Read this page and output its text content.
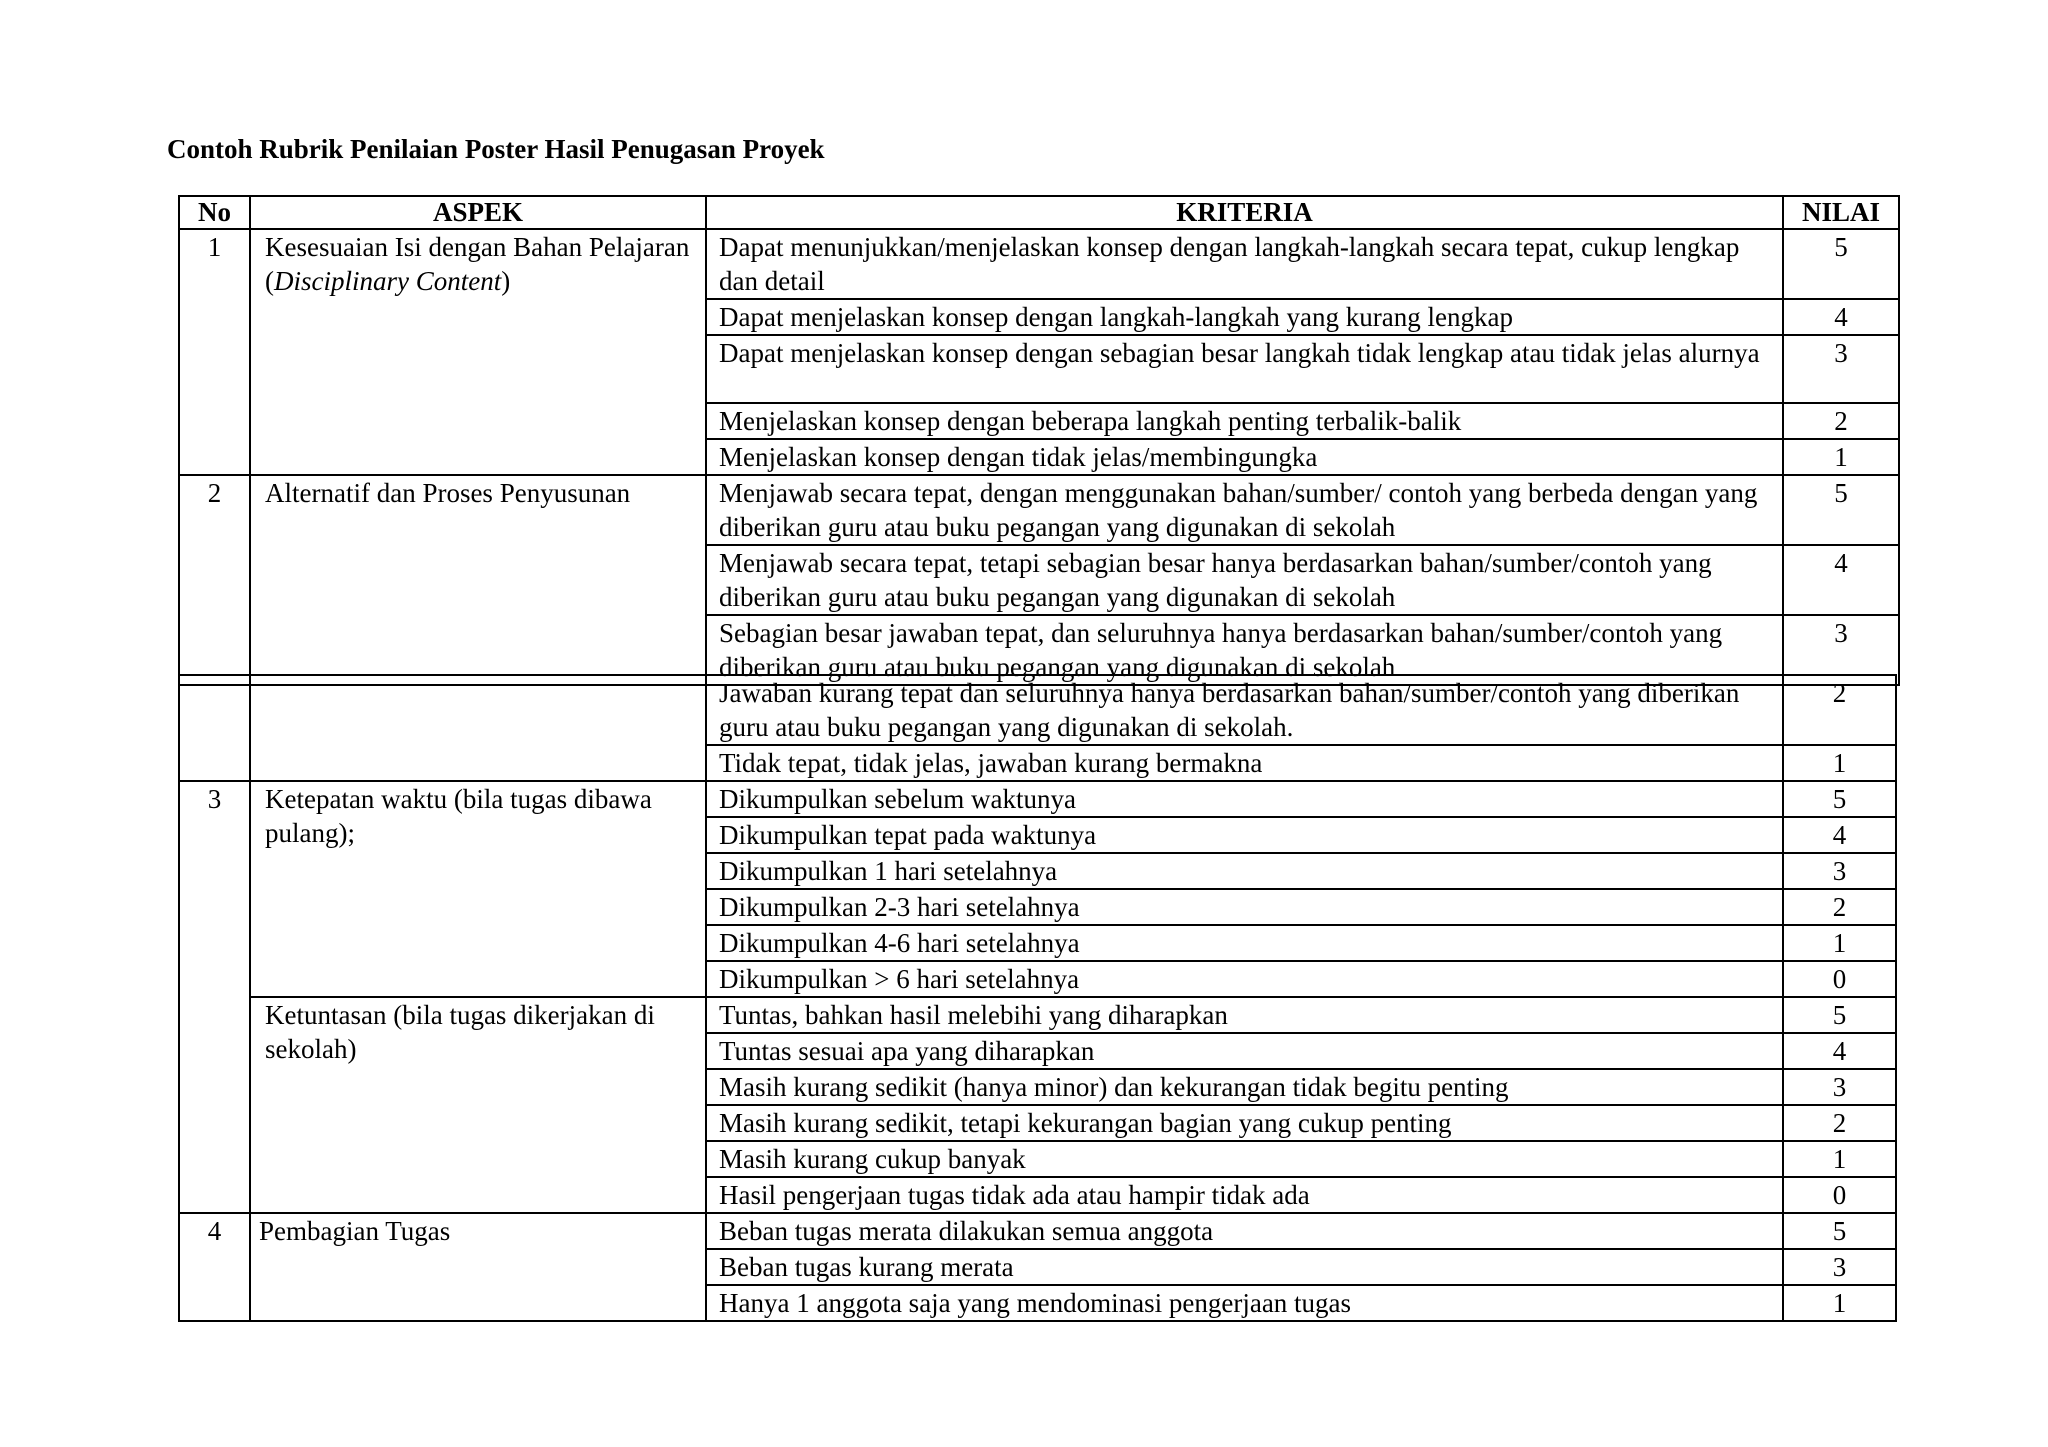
Contoh Rubrik Penilaian Poster Hasil Penugasan Proyek
No	ASPEK	KRITERIA	NILAI
1	Kesesuaian Isi dengan Bahan Pelajaran (Disciplinary Content)	Dapat menunjukkan/menjelaskan konsep dengan langkah-langkah secara tepat, cukup lengkap dan detail	5
		Dapat menjelaskan konsep dengan langkah-langkah yang kurang lengkap	4
		Dapat menjelaskan konsep dengan sebagian besar langkah tidak lengkap atau tidak jelas alurnya	3
		Menjelaskan konsep dengan beberapa langkah penting terbalik-balik	2
		Menjelaskan konsep dengan tidak jelas/membingungka	1
2	Alternatif dan Proses Penyusunan	Menjawab secara tepat, dengan menggunakan bahan/sumber/ contoh yang berbeda dengan yang diberikan guru atau buku pegangan yang digunakan di sekolah	5
		Menjawab secara tepat, tetapi sebagian besar hanya berdasarkan bahan/sumber/contoh yang diberikan guru atau buku pegangan yang digunakan di sekolah	4
		Sebagian besar jawaban tepat, dan seluruhnya hanya berdasarkan bahan/sumber/contoh yang diberikan guru atau buku pegangan yang digunakan di sekolah	3
		Jawaban kurang tepat dan seluruhnya hanya berdasarkan bahan/sumber/contoh yang diberikan guru atau buku pegangan yang digunakan di sekolah.	2
		Tidak tepat, tidak jelas, jawaban kurang bermakna	1
3	Ketepatan waktu (bila tugas dibawa pulang);	Dikumpulkan sebelum waktunya	5
		Dikumpulkan tepat pada waktunya	4
		Dikumpulkan 1 hari setelahnya	3
		Dikumpulkan 2-3 hari setelahnya	2
		Dikumpulkan 4-6 hari setelahnya	1
		Dikumpulkan > 6 hari setelahnya	0
	Ketuntasan (bila tugas dikerjakan di sekolah)	Tuntas, bahkan hasil melebihi yang diharapkan	5
		Tuntas sesuai apa yang diharapkan	4
		Masih kurang sedikit (hanya minor) dan kekurangan tidak begitu penting	3
		Masih kurang sedikit, tetapi kekurangan bagian yang cukup penting	2
		Masih kurang cukup banyak	1
		Hasil pengerjaan tugas tidak ada atau hampir tidak ada	0
4	Pembagian Tugas	Beban tugas merata dilakukan semua anggota	5
		Beban tugas kurang merata	3
		Hanya 1 anggota saja yang mendominasi pengerjaan tugas	1
